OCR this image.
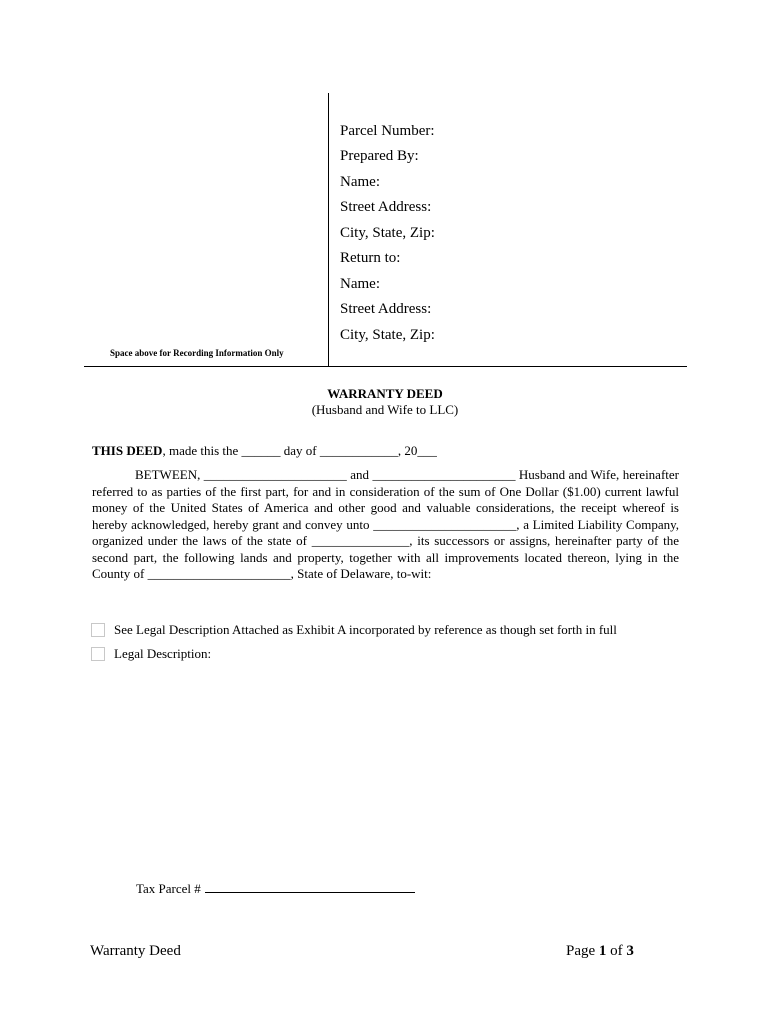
Parcel Number:
Prepared By:
Name:
Street Address:
City, State, Zip:
Return to:
Name:
Street Address:
City, State, Zip:
Space above for Recording Information Only
WARRANTY DEED
(Husband and Wife to LLC)
THIS DEED, made this the ______ day of ____________, 20___
BETWEEN, ______________________ and ______________________ Husband and Wife, hereinafter referred to as parties of the first part, for and in consideration of the sum of One Dollar ($1.00) current lawful money of the United States of America and other good and valuable considerations, the receipt whereof is hereby acknowledged, hereby grant and convey unto ______________________, a Limited Liability Company, organized under the laws of the state of _______________, its successors or assigns, hereinafter party of the second part, the following lands and property, together with all improvements located thereon, lying in the County of ______________________, State of Delaware, to-wit:
See Legal Description Attached as Exhibit A incorporated by reference as though set forth in full
Legal Description:
Tax Parcel #
Warranty Deed	Page 1 of 3
